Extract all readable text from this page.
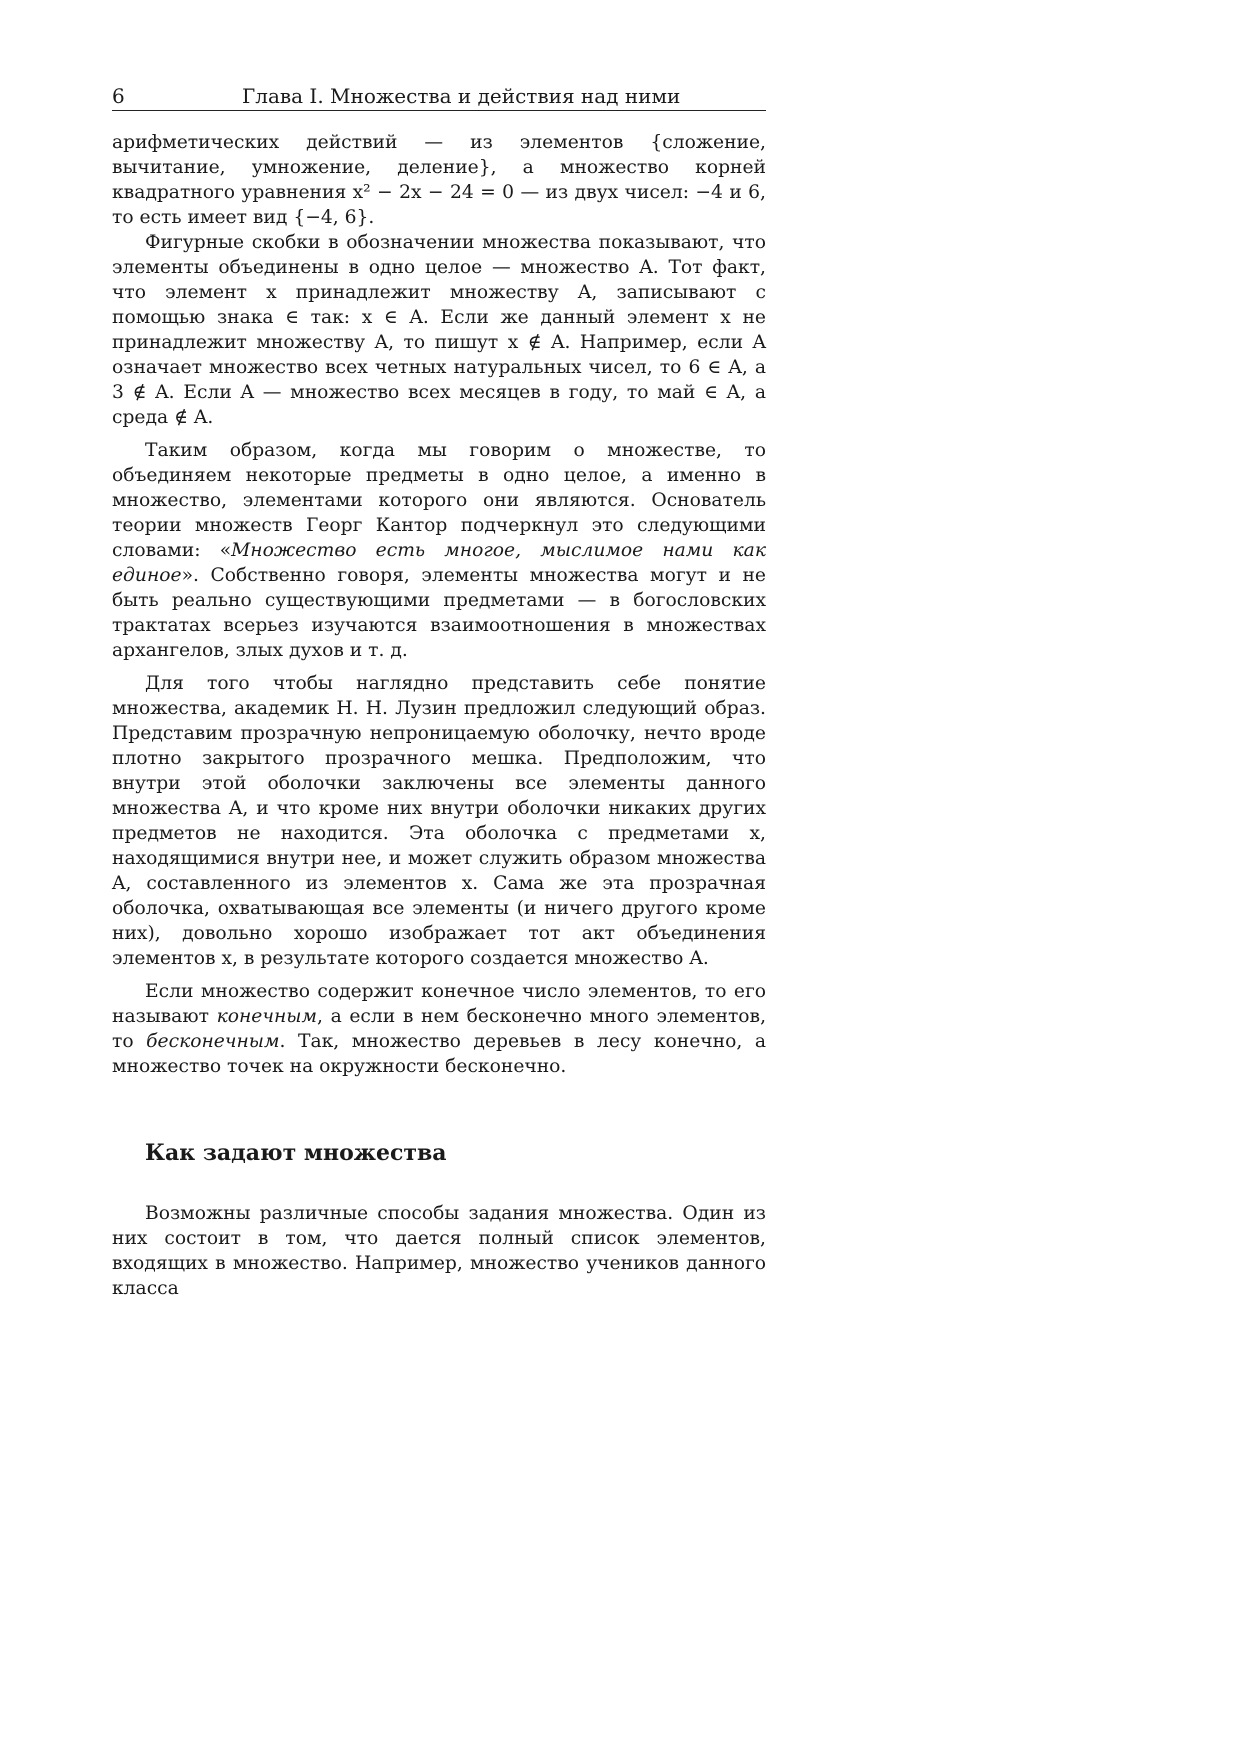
6	Глава I. Множества и действия над ними

арифметических действий — из элементов {сложение, вычитание, умножение, деление}, а множество корней квадратного уравнения x² − 2x − 24 = 0 — из двух чисел: −4 и 6, то есть имеет вид {−4, 6}.

Фигурные скобки в обозначении множества показывают, что элементы объединены в одно целое — множество A. Тот факт, что элемент x принадлежит множеству A, записывают с помощью знака ∈ так: x ∈ A. Если же данный элемент x не принадлежит множеству A, то пишут x ∉ A. Например, если A означает множество всех четных натуральных чисел, то 6 ∈ A, а 3 ∉ A. Если A — множество всех месяцев в году, то май ∈ A, а среда ∉ A.

Таким образом, когда мы говорим о множестве, то объединяем некоторые предметы в одно целое, а именно в множество, элементами которого они являются. Основатель теории множеств Георг Кантор подчеркнул это следующими словами: «Множество есть многое, мыслимое нами как единое». Собственно говоря, элементы множества могут и не быть реально существующими предметами — в богословских трактатах всерьез изучаются взаимоотношения в множествах архангелов, злых духов и т. д.

Для того чтобы наглядно представить себе понятие множества, академик Н. Н. Лузин предложил следующий образ. Представим прозрачную непроницаемую оболочку, нечто вроде плотно закрытого прозрачного мешка. Предположим, что внутри этой оболочки заключены все элементы данного множества A, и что кроме них внутри оболочки никаких других предметов не находится. Эта оболочка с предметами x, находящимися внутри нее, и может служить образом множества A, составленного из элементов x. Сама же эта прозрачная оболочка, охватывающая все элементы (и ничего другого кроме них), довольно хорошо изображает тот акт объединения элементов x, в результате которого создается множество A.

Если множество содержит конечное число элементов, то его называют конечным, а если в нем бесконечно много элементов, то бесконечным. Так, множество деревьев в лесу конечно, а множество точек на окружности бесконечно.

Как задают множества

Возможны различные способы задания множества. Один из них состоит в том, что дается полный список элементов, входящих в множество. Например, множество учеников данного класса
